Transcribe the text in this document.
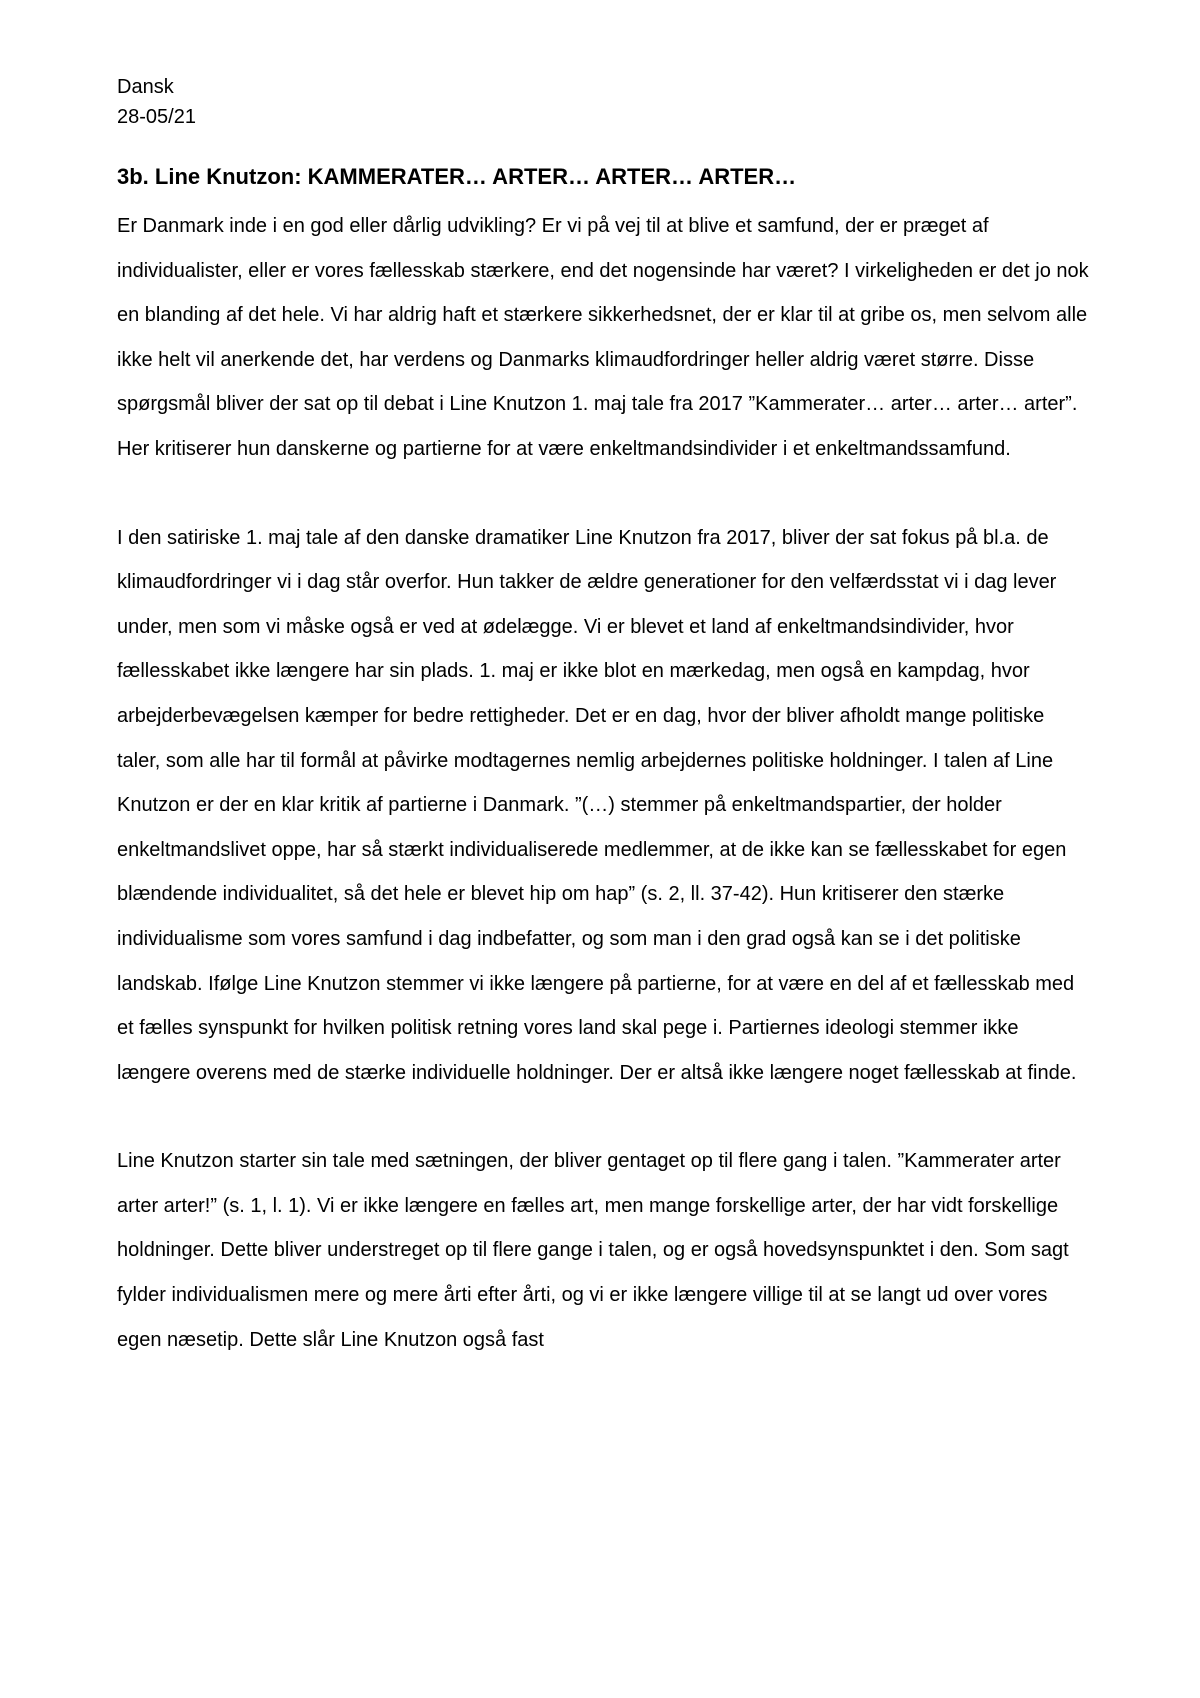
Dansk

28-05/21

3b. Line Knutzon: KAMMERATER… ARTER… ARTER… ARTER…

Er Danmark inde i en god eller dårlig udvikling? Er vi på vej til at blive et samfund, der er præget af individualister, eller er vores fællesskab stærkere, end det nogensinde har været? I virkeligheden er det jo nok en blanding af det hele. Vi har aldrig haft et stærkere sikkerhedsnet, der er klar til at gribe os, men selvom alle ikke helt vil anerkende det, har verdens og Danmarks klimaudfordringer heller aldrig været større. Disse spørgsmål bliver der sat op til debat i Line Knutzon 1. maj tale fra 2017 ”Kammerater… arter… arter… arter”. Her kritiserer hun danskerne og partierne for at være enkeltmandsindivider i et enkeltmandssamfund.

I den satiriske 1. maj tale af den danske dramatiker Line Knutzon fra 2017, bliver der sat fokus på bl.a. de klimaudfordringer vi i dag står overfor. Hun takker de ældre generationer for den velfærdsstat vi i dag lever under, men som vi måske også er ved at ødelægge. Vi er blevet et land af enkeltmandsindivider, hvor fællesskabet ikke længere har sin plads. 1. maj er ikke blot en mærkedag, men også en kampdag, hvor arbejderbevægelsen kæmper for bedre rettigheder. Det er en dag, hvor der bliver afholdt mange politiske taler, som alle har til formål at påvirke modtagernes nemlig arbejdernes politiske holdninger. I talen af Line Knutzon er der en klar kritik af partierne i Danmark. ”(…) stemmer på enkeltmandspartier, der holder enkeltmandslivet oppe, har så stærkt individualiserede medlemmer, at de ikke kan se fællesskabet for egen blændende individualitet, så det hele er blevet hip om hap” (s. 2, ll. 37-42). Hun kritiserer den stærke individualisme som vores samfund i dag indbefatter, og som man i den grad også kan se i det politiske landskab. Ifølge Line Knutzon stemmer vi ikke længere på partierne, for at være en del af et fællesskab med et fælles synspunkt for hvilken politisk retning vores land skal pege i. Partiernes ideologi stemmer ikke længere overens med de stærke individuelle holdninger. Der er altså ikke længere noget fællesskab at finde.

Line Knutzon starter sin tale med sætningen, der bliver gentaget op til flere gang i talen. ”Kammerater arter arter arter!” (s. 1, l. 1). Vi er ikke længere en fælles art, men mange forskellige arter, der har vidt forskellige holdninger. Dette bliver understreget op til flere gange i talen, og er også hovedsynspunktet i den. Som sagt fylder individualismen mere og mere årti efter årti, og vi er ikke længere villige til at se langt ud over vores egen næsetip. Dette slår Line Knutzon også fast
